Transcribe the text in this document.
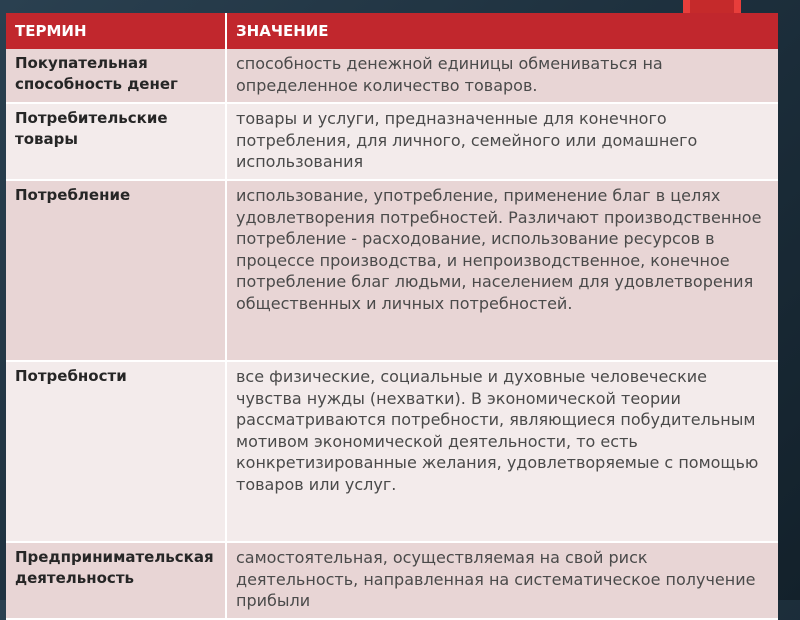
ТЕРМИН	ЗНАЧЕНИЕ
Покупательная способность денег	способность денежной единицы обмениваться на определенное количество товаров.
Потребительские товары	товары и услуги, предназначенные для конечного потребления, для личного, семейного или домашнего использования
Потребление	использование, употребление, применение благ в целях удовлетворения потребностей. Различают производственное потребление - расходование, использование ресурсов в процессе производства, и непроизводственное, конечное потребление благ людьми, населением для удовлетворения общественных и личных потребностей.
Потребности	все физические, социальные и духовные человеческие чувства нужды (нехватки). В экономической теории рассматриваются потребности, являющиеся побудительным мотивом экономической деятельности, то есть конкретизированные желания, удовлетворяемые с помощью товаров или услуг.
Предпринимательская деятельность	самостоятельная, осуществляемая на свой риск деятельность, направленная на систематическое получение прибыли
